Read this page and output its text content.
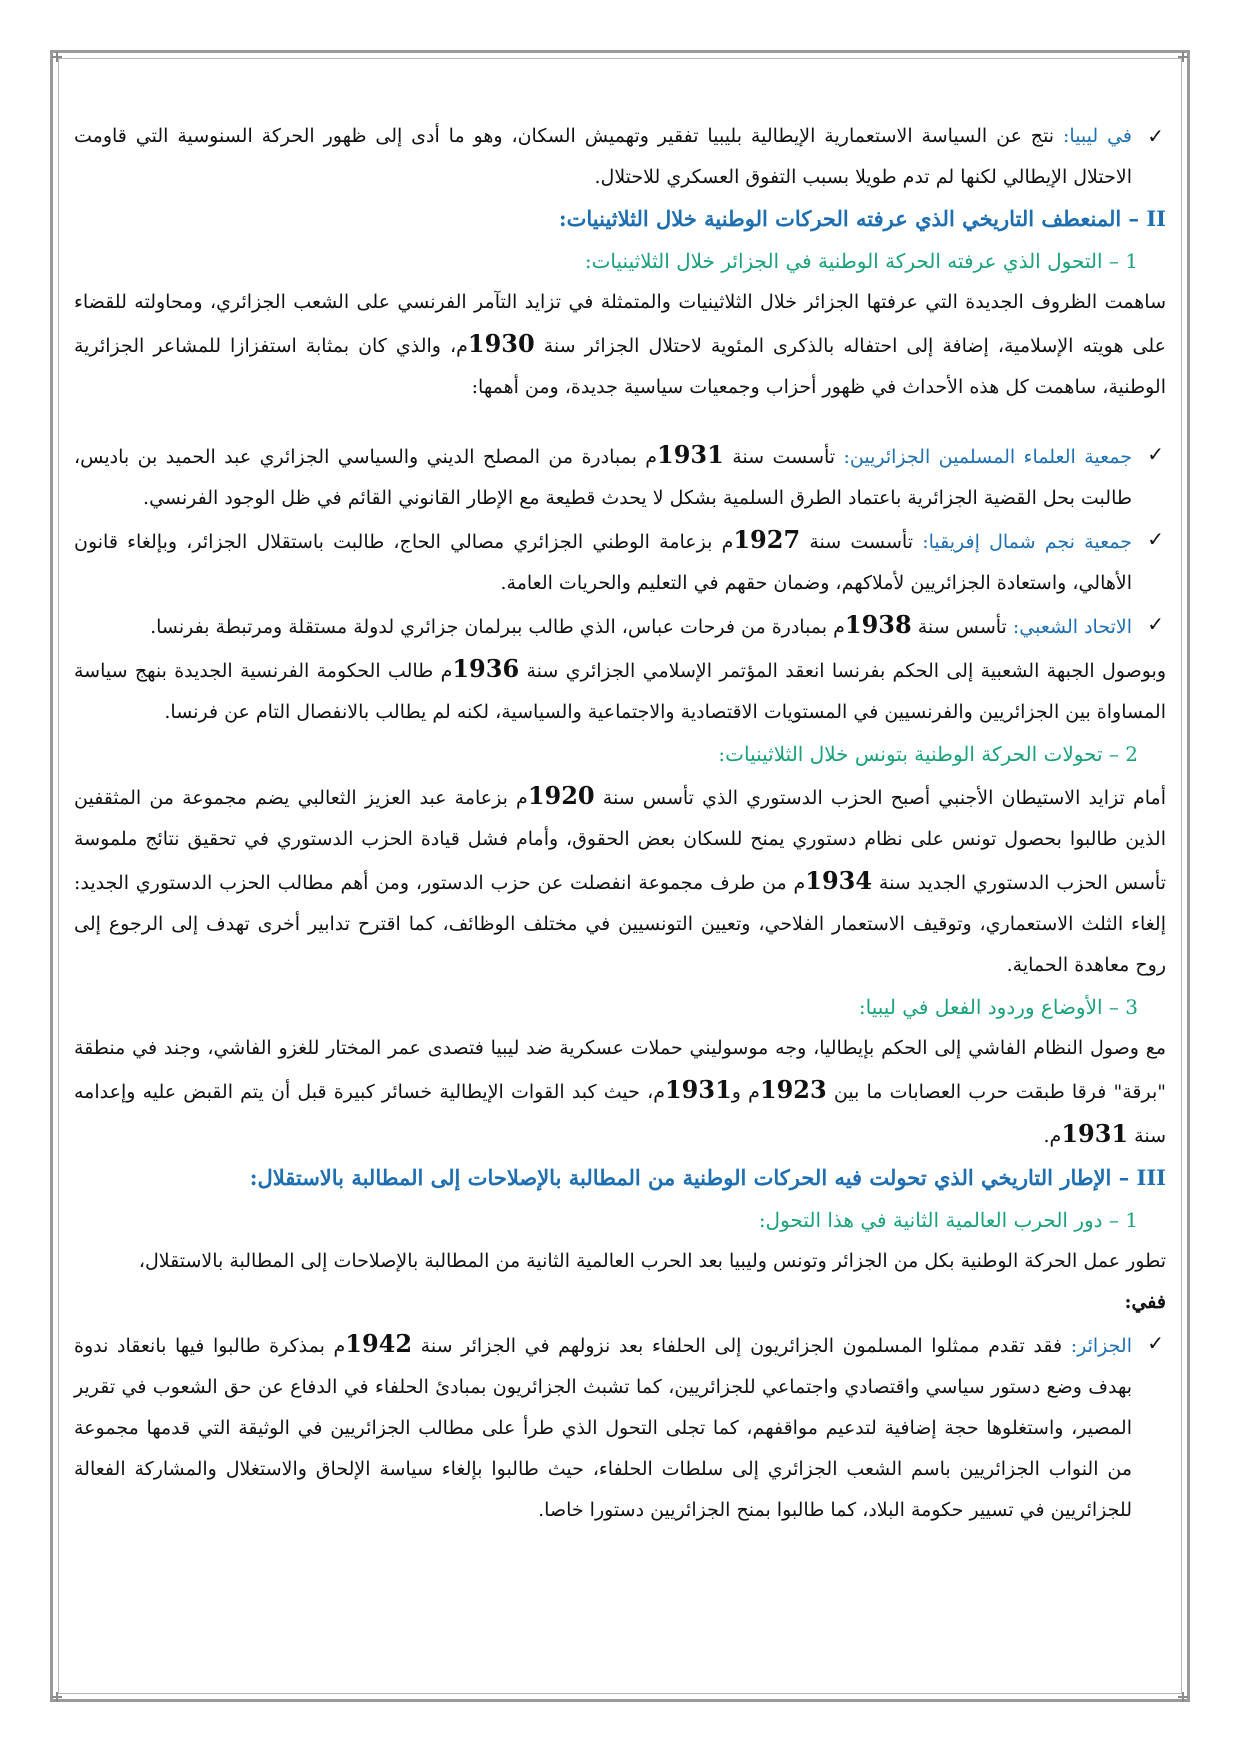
✓
في ليبيا: نتج عن السياسة الاستعمارية الإيطالية بليبيا تفقير وتهميش السكان، وهو ما أدى إلى ظهور الحركة السنوسية التي قاومت الاحتلال الإيطالي لكنها لم تدم طويلا بسبب التفوق العسكري للاحتلال.

II – المنعطف التاريخي الذي عرفته الحركات الوطنية خلال الثلاثينيات:

1 – التحول الذي عرفته الحركة الوطنية في الجزائر خلال الثلاثينيات:

ساهمت الظروف الجديدة التي عرفتها الجزائر خلال الثلاثينيات والمتمثلة في تزايد التآمر الفرنسي على الشعب الجزائري، ومحاولته للقضاء على هويته الإسلامية، إضافة إلى احتفاله بالذكرى المئوية لاحتلال الجزائر سنة 1930م، والذي كان بمثابة استفزازا للمشاعر الجزائرية الوطنية، ساهمت كل هذه الأحداث في ظهور أحزاب وجمعيات سياسية جديدة، ومن أهمها:

✓
جمعية العلماء المسلمين الجزائريين: تأسست سنة 1931م بمبادرة من المصلح الديني والسياسي الجزائري عبد الحميد بن باديس، طالبت بحل القضية الجزائرية باعتماد الطرق السلمية بشكل لا يحدث قطيعة مع الإطار القانوني القائم في ظل الوجود الفرنسي.

✓
جمعية نجم شمال إفريقيا: تأسست سنة 1927م بزعامة الوطني الجزائري مصالي الحاج، طالبت باستقلال الجزائر، وبإلغاء قانون الأهالي، واستعادة الجزائريين لأملاكهم، وضمان حقهم في التعليم والحريات العامة.

✓
الاتحاد الشعبي: تأسس سنة 1938م بمبادرة من فرحات عباس، الذي طالب ببرلمان جزائري لدولة مستقلة ومرتبطة بفرنسا.

وبوصول الجبهة الشعبية إلى الحكم بفرنسا انعقد المؤتمر الإسلامي الجزائري سنة 1936م طالب الحكومة الفرنسية الجديدة بنهج سياسة المساواة بين الجزائريين والفرنسيين في المستويات الاقتصادية والاجتماعية والسياسية، لكنه لم يطالب بالانفصال التام عن فرنسا.

2 – تحولات الحركة الوطنية بتونس خلال الثلاثينيات:

أمام تزايد الاستيطان الأجنبي أصبح الحزب الدستوري الذي تأسس سنة 1920م بزعامة عبد العزيز الثعالبي يضم مجموعة من المثقفين الذين طالبوا بحصول تونس على نظام دستوري يمنح للسكان بعض الحقوق، وأمام فشل قيادة الحزب الدستوري في تحقيق نتائج ملموسة تأسس الحزب الدستوري الجديد سنة 1934م من طرف مجموعة انفصلت عن حزب الدستور، ومن أهم مطالب الحزب الدستوري الجديد: إلغاء الثلث الاستعماري، وتوقيف الاستعمار الفلاحي، وتعيين التونسيين في مختلف الوظائف، كما اقترح تدابير أخرى تهدف إلى الرجوع إلى روح معاهدة الحماية.

3 – الأوضاع وردود الفعل في ليبيا:

مع وصول النظام الفاشي إلى الحكم بإيطاليا، وجه موسوليني حملات عسكرية ضد ليبيا فتصدى عمر المختار للغزو الفاشي، وجند في منطقة "برقة" فرقا طبقت حرب العصابات ما بين 1923م و1931م، حيث كبد القوات الإيطالية خسائر كبيرة قبل أن يتم القبض عليه وإعدامه سنة 1931م.

III – الإطار التاريخي الذي تحولت فيه الحركات الوطنية من المطالبة بالإصلاحات إلى المطالبة بالاستقلال:

1 – دور الحرب العالمية الثانية في هذا التحول:

تطور عمل الحركة الوطنية بكل من الجزائر وتونس وليبيا بعد الحرب العالمية الثانية من المطالبة بالإصلاحات إلى المطالبة بالاستقلال،

ففي:

✓
الجزائر: فقد تقدم ممثلوا المسلمون الجزائريون إلى الحلفاء بعد نزولهم في الجزائر سنة 1942م بمذكرة طالبوا فيها بانعقاد ندوة بهدف وضع دستور سياسي واقتصادي واجتماعي للجزائريين، كما تشبث الجزائريون بمبادئ الحلفاء في الدفاع عن حق الشعوب في تقرير المصير، واستغلوها حجة إضافية لتدعيم مواقفهم، كما تجلى التحول الذي طرأ على مطالب الجزائريين في الوثيقة التي قدمها مجموعة من النواب الجزائريين باسم الشعب الجزائري إلى سلطات الحلفاء، حيث طالبوا بإلغاء سياسة الإلحاق والاستغلال والمشاركة الفعالة للجزائريين في تسيير حكومة البلاد، كما طالبوا بمنح الجزائريين دستورا خاصا.
